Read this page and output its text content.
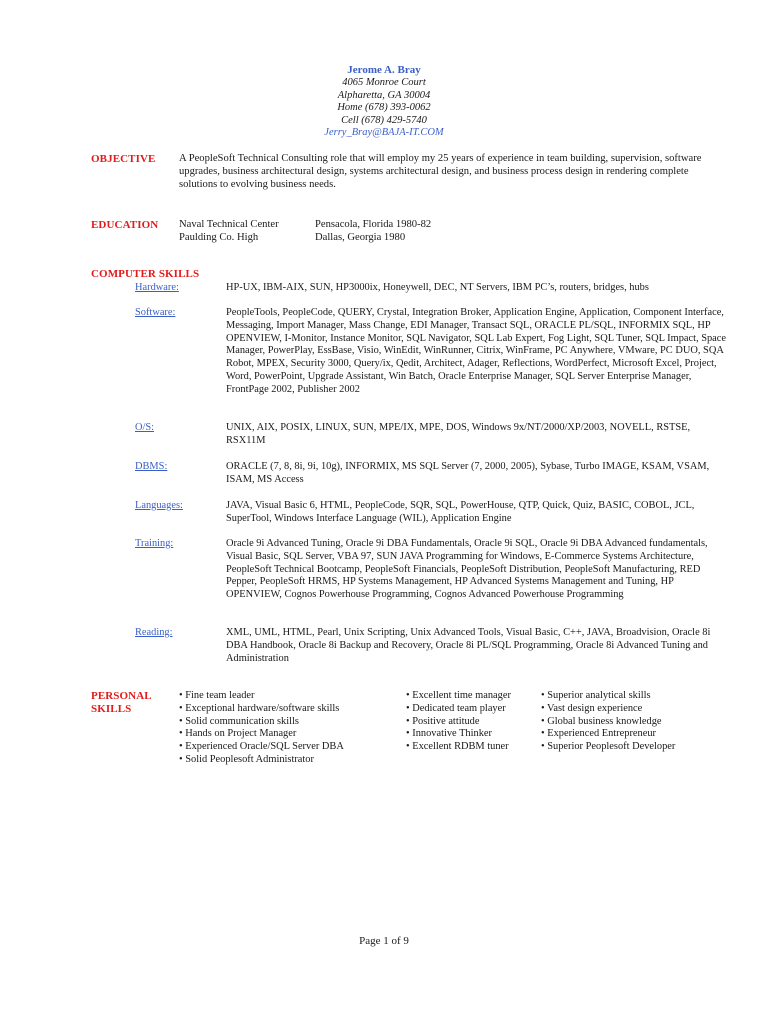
Jerome A. Bray
4065 Monroe Court
Alpharetta, GA 30004
Home (678) 393-0062
Cell (678) 429-5740
Jerry_Bray@BAJA-IT.COM
OBJECTIVE A PeopleSoft Technical Consulting role that will employ my 25 years of experience in team building, supervision, software upgrades, business architectural design, systems architectural design, and business process design in rendering complete solutions to evolving business needs.
EDUCATION Naval Technical Center	Pensacola, Florida 1980-82
Paulding Co. High	Dallas, Georgia 1980
COMPUTER SKILLS
Hardware:	HP-UX, IBM-AIX, SUN, HP3000ix, Honeywell, DEC, NT Servers, IBM PC’s, routers, bridges, hubs
Software:	PeopleTools, PeopleCode, QUERY, Crystal, Integration Broker, Application Engine, Application, Component Interface, Messaging, Import Manager, Mass Change, EDI Manager, Transact SQL, ORACLE PL/SQL, INFORMIX SQL, HP OPENVIEW, I-Monitor, Instance Monitor, SQL Navigator, SQL Lab Expert, Fog Light, SQL Tuner, SQL Impact, Space Manager, PowerPlay, EssBase, Visio, WinEdit, WinRunner, Citrix, WinFrame, PC Anywhere, VMware, PC DUO, SQA Robot, MPEX, Security 3000, Query/ix, Qedit, Architect, Adager, Reflections, WordPerfect, Microsoft Excel, Project, Word, PowerPoint, Upgrade Assistant, Win Batch, Oracle Enterprise Manager, SQL Server Enterprise Manager, FrontPage 2002, Publisher 2002
O/S:	UNIX, AIX, POSIX, LINUX, SUN, MPE/IX, MPE, DOS, Windows 9x/NT/2000/XP/2003, NOVELL, RSTSE, RSX11M
DBMS:	ORACLE (7, 8, 8i, 9i, 10g), INFORMIX, MS SQL Server (7, 2000, 2005), Sybase, Turbo IMAGE, KSAM, VSAM, ISAM, MS Access
Languages:	JAVA, Visual Basic 6, HTML, PeopleCode, SQR, SQL, PowerHouse, QTP, Quick, Quiz, BASIC, COBOL, JCL, SuperTool, Windows Interface Language (WIL), Application Engine
Training:	Oracle 9i Advanced Tuning, Oracle 9i DBA Fundamentals, Oracle 9i SQL, Oracle 9i DBA Advanced fundamentals, Visual Basic, SQL Server, VBA 97, SUN JAVA Programming for Windows, E-Commerce Systems Architecture, PeopleSoft Technical Bootcamp, PeopleSoft Financials, PeopleSoft Distribution, PeopleSoft Manufacturing, RED Pepper, PeopleSoft HRMS, HP Systems Management, HP Advanced Systems Management and Tuning, HP OPENVIEW, Cognos Powerhouse Programming, Cognos Advanced Powerhouse Programming
Reading:	XML, UML, HTML, Pearl, Unix Scripting, Unix Advanced Tools, Visual Basic, C++, JAVA, Broadvision, Oracle 8i DBA Handbook, Oracle 8i Backup and Recovery, Oracle 8i PL/SQL Programming, Oracle 8i Advanced Tuning and Administration
PERSONAL
SKILLS
• Fine team leader
• Exceptional hardware/software skills
• Solid communication skills
• Hands on Project Manager
• Experienced Oracle/SQL Server DBA
• Solid Peoplesoft Administrator
• Excellent time manager
• Dedicated team player
• Positive attitude
• Innovative Thinker
• Excellent RDBM tuner
• Superior analytical skills
• Vast design experience
• Global business knowledge
• Experienced Entrepreneur
• Superior Peoplesoft Developer
Page 1 of 9
